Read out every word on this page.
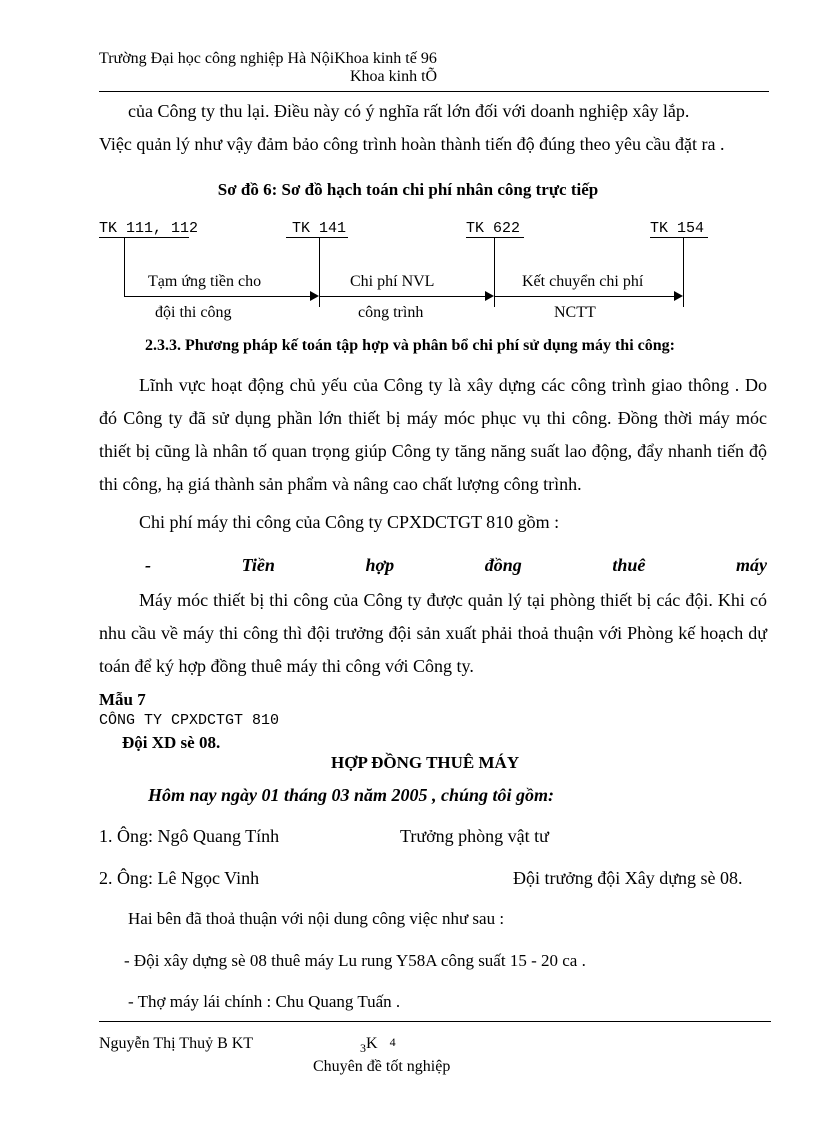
Trường Đại học công nghiệp Hà NộiKhoa kinh tế 96
Khoa kinh tÕ
của Công ty thu lại. Điều này có ý nghĩa rất lớn đối với doanh nghiệp xây lắp.
Việc quản lý như vậy đảm bảo công trình hoàn thành tiến độ đúng theo yêu cầu đặt ra .
Sơ đồ 6: Sơ đồ hạch toán chi phí nhân công trực tiếp
TK 111, 112	TK 141	TK 622	TK 154
Tạm ứng tiền cho
đội thi công
Chi phí NVL
công trình
Kết chuyển chi phí
NCTT
2.3.3. Phương pháp kế toán tập hợp và phân bổ chi phí sử dụng máy thi công:
Lĩnh vực hoạt động chủ yếu của Công ty là xây dựng các công trình giao thông . Do đó Công ty đã sử dụng phần lớn thiết bị máy móc phục vụ thi công. Đồng thời máy móc thiết bị cũng là nhân tố quan trọng giúp Công ty tăng năng suất lao động, đẩy nhanh tiến độ thi công, hạ giá thành sản phẩm và nâng cao chất lượng công trình.
Chi phí máy thi công của Công ty CPXDCTGT 810 gồm :
-	Tiền	hợp	đồng	thuê	máy
Máy móc thiết bị thi công của Công ty được quản lý tại phòng thiết bị các đội. Khi có nhu cầu về máy thi công thì đội trưởng đội sản xuất phải thoả thuận với Phòng kế hoạch dự toán để ký hợp đồng thuê máy thi công với Công ty.
Mẫu 7
CÔNG TY CPXDCTGT 810
Đội XD sè 08.
HỢP ĐỒNG THUÊ MÁY
Hôm nay ngày 01 tháng 03 năm 2005 , chúng tôi gồm:
1. Ông: Ngô Quang Tính	Trưởng phòng vật tư
2. Ông: Lê Ngọc Vinh	Đội trưởng đội Xây dựng sè 08.
Hai bên đã thoả thuận với nội dung công việc như sau :
- Đội xây dựng sè 08 thuê máy Lu rung Y58A công suất 15 - 20 ca .
- Thợ máy lái chính : Chu Quang Tuấn .
Nguyễn Thị Thuỷ B KT	$_3$K 4
Chuyên đề tốt nghiệp
